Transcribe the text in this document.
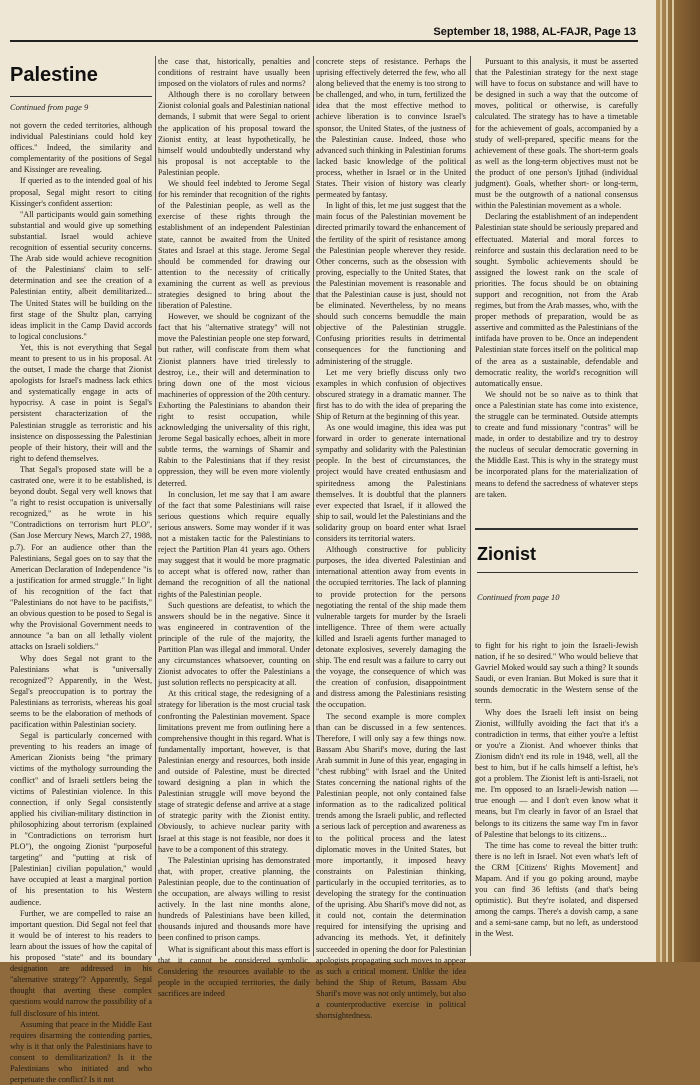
September 18, 1988, AL-FAJR, Page 13
Palestine
Continued from page 9

not govern the ceded territories, although individual Palestinians could hold key offices." Indeed, the similarity and complementarity of the positions of Segal and Kissinger are revealing.

If queried as to the intended goal of his proposal, Segal might resort to citing Kissinger's confident assertion:

"All participants would gain something substantial and would give up something substantial. Israel would achieve recognition of essential security concerns. The Arab side would achieve recognition of the Palestinians' claim to self-determination and see the creation of a Palestinian entity, albeit demilitarized... The United States will be building on the first stage of the Shultz plan, carrying ideas implicit in the Camp David accords to logical conclusions."

Yet, this is not everything that Segal meant to present to us in his proposal. At the outset, I made the charge that Zionist apologists for Israel's madness lack ethics and systematically engage in acts of hypocrisy. A case in point is Segal's persistent characterization of the Palestinian struggle as terroristic and his insistence on dispossessing the Palestinian people of their history, their will and the right to defend themselves.

That Segal's proposed state will be a castrated one, were it to be established, is beyond doubt. Segal very well knows that "a right to resist occupation is universally recognized," as he wrote in his "Contradictions on terrorism hurt PLO", (San Jose Mercury News, March 27, 1988, p.7). For an audience other than the Palestinians, Segal goes on to say that the American Declaration of Independence "is a justification for armed struggle." In light of his recognition of the fact that "Palestinians do not have to be pacifists," an obvious question to be posed to Segal is why the Provisional Government needs to announce "a ban on all lethally violent attacks on Israeli soldiers."

Why does Segal not grant to the Palestinians what is "universally recognized"? Apparently, in the West, Segal's preoccupation is to portray the Palestinians as terrorists, whereas his goal seems to be the elaboration of methods of pacification within Palestinian society.

Segal is particularly concerned with preventing to his readers an image of American Zionists being "the primary victims of the mythology surrounding the conflict" and of Israeli settlers being the victims of Palestinian violence. In this connection, if only Segal consistently applied his civilian-military distinction in philosophizing about terrorism (explained in "Contradictions on terrorism hurt PLO"), the ongoing Zionist "purposeful targeting" and "putting at risk of [Palestinian] civilian population," would have occupied at least a marginal portion of his presentation to his Western audience.

Further, we are compelled to raise an important question. Did Segal not feel that it would be of interest to his readers to learn about the issues of how the capital of his proposed "state" and its boundary designation are addressed in his "alternative strategy"? Apparently, Segal thought that averting these complex questions would narrow the possibility of a full disclosure of his intent.

Assuming that peace in the Middle East requires disarming the contending parties, why is it that only the Palestinians have to consent to demilitarization? Is it the Palestinians who initiated and who perpetuate the conflict? Is it not

the case that, historically, penalties and conditions of restraint have usually been imposed on the violators of rules and norms?

Although there is no corollary between Zionist colonial goals and Palestinian national demands, I submit that were Segal to orient the application of his proposal toward the Zionist entity, at least hypothetically, he himself would undoubtedly understand why his proposal is not acceptable to the Palestinian people.

We should feel indebted to Jerome Segal for his reminder that recognition of the rights of the Palestinian people, as well as the exercise of these rights through the establishment of an independent Palestinian state, cannot be awaited from the United States and Israel at this stage. Jerome Segal should be commended for drawing our attention to the necessity of critically examining the current as well as previous strategies designed to bring about the liberation of Palestine.

However, we should be cognizant of the fact that his "alternative strategy" will not move the Palestinian people one step forward, but rather, will confiscate from them what Zionist planners have tried tirelessly to destroy, i.e., their will and determination to bring down one of the most vicious machineries of oppression of the 20th century. Exhorting the Palestinians to abandon their right to resist occupation, while acknowledging the universality of this right, Jerome Segal basically echoes, albeit in more subtle terms, the warnings of Shamir and Rabin to the Palestinians that if they resist oppression, they will be even more violently deterred.

In conclusion, let me say that I am aware of the fact that some Palestinians will raise serious questions which require equally serious answers. Some may wonder if it was not a mistaken tactic for the Palestinians to reject the Partition Plan 41 years ago. Others may suggest that it would be more pragmatic to accept what is offered now, rather than demand the recognition of all the national rights of the Palestinian people.

Such questions are defeatist, to which the answers should be in the negative. Since it was engineered in contravention of the principle of the rule of the majority, the Partition Plan was illegal and immoral. Under any circumstances whatsoever, counting on Zionist advocates to offer the Palestinians a just solution reflects no perspicacity at all.

At this critical stage, the redesigning of a strategy for liberation is the most crucial task confronting the Palestinian movement. Space limitations prevent me from outlining here a comprehensive thought in this regard. What is fundamentally important, however, is that Palestinian energy and resources, both inside and outside of Palestine, must be directed toward designing a plan in which the Palestinian struggle will move beyond the stage of strategic defense and arrive at a stage of strategic parity with the Zionist entity. Obviously, to achieve nuclear parity with Israel at this stage is not feasible, nor does it have to be a component of this strategy.

The Palestinian uprising has demonstrated that, with proper, creative planning, the Palestinian people, due to the continuation of the occupation, are always willing to resist actively. In the last nine months alone, hundreds of Palestinians have been killed, thousands injured and thousands more have been confined to prison camps.

What is significant about this mass effort is that it cannot be considered symbolic. Considering the resources available to the people in the occupied territories, the daily sacrifices are indeed

concrete steps of resistance. Perhaps the uprising effectively deterred the few, who all along believed that the enemy is too strong to be challenged, and who, in turn, fertilized the idea that the most effective method to achieve liberation is to convince Israel's sponsor, the United States, of the justness of the Palestinian cause. Indeed, those who advanced such thinking in Palestinian forums lacked basic knowledge of the political process, whether in Israel or in the United States. Their vision of history was clearly permeated by fantasy.

In light of this, let me just suggest that the main focus of the Palestinian movement be directed primarily toward the enhancement of the fertility of the spirit of resistance among the Palestinian people wherever they reside. Other concerns, such as the obsession with proving, especially to the United States, that the Palestinian movement is reasonable and that the Palestinian cause is just, should not be eliminated. Nevertheless, by no means should such concerns bemuddle the main objective of the Palestinian struggle. Confusing priorities results in detrimental consequences for the functioning and administering of the struggle.

Let me very briefly discuss only two examples in which confusion of objectives obscured strategy in a dramatic manner. The first has to do with the idea of preparing the Ship of Return at the beginning of this year.

As one would imagine, this idea was put forward in order to generate international sympathy and solidarity with the Palestinian people. In the best of circumstances, the project would have created enthusiasm and spiritedness among the Palestinians themselves. It is doubtful that the planners ever expected that Israel, if it allowed the ship to sail, would let the Palestinians and the solidarity group on board enter what Israel considers its territorial waters.

Although constructive for publicity purposes, the idea diverted Palestinian and international attention away from events in the occupied territories. The lack of planning to provide protection for the persons negotiating the rental of the ship made them vulnerable targets for murder by the Israeli intelligence. Three of them were actually killed and Israeli agents further managed to detonate explosives, severely damaging the ship. The end result was a failure to carry out the voyage, the consequence of which was the creation of confusion, disappointment and distress among the Palestinians resisting the occupation.

The second example is more complex than can be discussed in a few sentences. Therefore, I will only say a few things now. Bassam Abu Sharif's move, during the last Arab summit in June of this year, engaging in "chest rubbing" with Israel and the United States concerning the national rights of the Palestinian people, not only contained false information as to the radicalized political trends among the Israeli public, and reflected a serious lack of perception and awareness as to the political process and the latest diplomatic moves in the United States, but more importantly, it imposed heavy constraints on Palestinian thinking, particularly in the occupied territories, as to developing the strategy for the continuation of the uprising. Abu Sharif's move did not, as it could not, contain the determination required for intensifying the uprising and advancing its methods. Yet, it definitely succeeded in opening the door for Palestinian apologists propagating such moves to appear as such a critical moment. Unlike the idea behind the Ship of Return, Bassam Abu Sharif's move was not only untimely, but also a counterproductive exercise in political shortsightedness.

Pursuant to this analysis, it must be asserted that the Palestinian strategy for the next stage will have to focus on substance and will have to be designed in such a way that the outcome of moves, political or otherwise, is carefully calculated. The strategy has to have a timetable for the achievement of goals, accompanied by a study of well-prepared, specific means for the achievement of these goals. The short-term goals as well as the long-term objectives must not be the product of one person's Ijtihad (individual judgment). Goals, whether short- or long-term, must be the outgrowth of a national consensus within the Palestinian movement as a whole.

Declaring the establishment of an independent Palestinian state should be seriously prepared and effectuated. Material and moral forces to reinforce and sustain this declaration need to be sought. Symbolic achievements should be assigned the lowest rank on the scale of priorities. The focus should be on obtaining support and recognition, not from the Arab regimes, but from the Arab masses, who, with the proper methods of preparation, would be as assertive and committed as the Palestinians of the intifada have proven to be. Once an independent Palestinian state forces itself on the political map of the area as a sustainable, defendable and democratic reality, the world's recognition will automatically ensue.

We should not be so naive as to think that once a Palestinian state has come into existence, the struggle can be terminated. Outside attempts to create and fund missionary "contras" will be made, in order to destabilize and try to destroy the nucleus of secular democratic governing in the Middle East. This is why in the strategy must be incorporated plans for the materialization of means to defend the sacredness of whatever steps are taken.

Zionist
Continued from page 10

to fight for his right to join the Israeli-Jewish nation, if he so desired." Who would believe that Gavriel Moked would say such a thing? It sounds Saudi, or even Iranian. But Moked is sure that it sounds democratic in the Western sense of the term.

Why does the Israeli left insist on being Zionist, willfully avoiding the fact that it's a contradiction in terms, that either you're a leftist or you're a Zionist. And whoever thinks that Zionism didn't end its role in 1948, well, all the best to him, but if he calls himself a leftist, he's got a problem. The Zionist left is anti-Israeli, not me. I'm opposed to an Israeli-Jewish nation — true enough — and I don't even know what it means, but I'm clearly in favor of an Israel that belongs to its citizens the same way I'm in favor of Palestine that belongs to its citizens...

The time has come to reveal the bitter truth: there is no left in Israel. Not even what's left of the CRM [Citizens' Rights Movement] and Mapam. And if you go poking around, maybe you can find 36 leftists (and that's being optimistic). But they're isolated, and dispersed among the camps. There's a dovish camp, a sane and a semi-sane camp, but no left, as understood in the West.
